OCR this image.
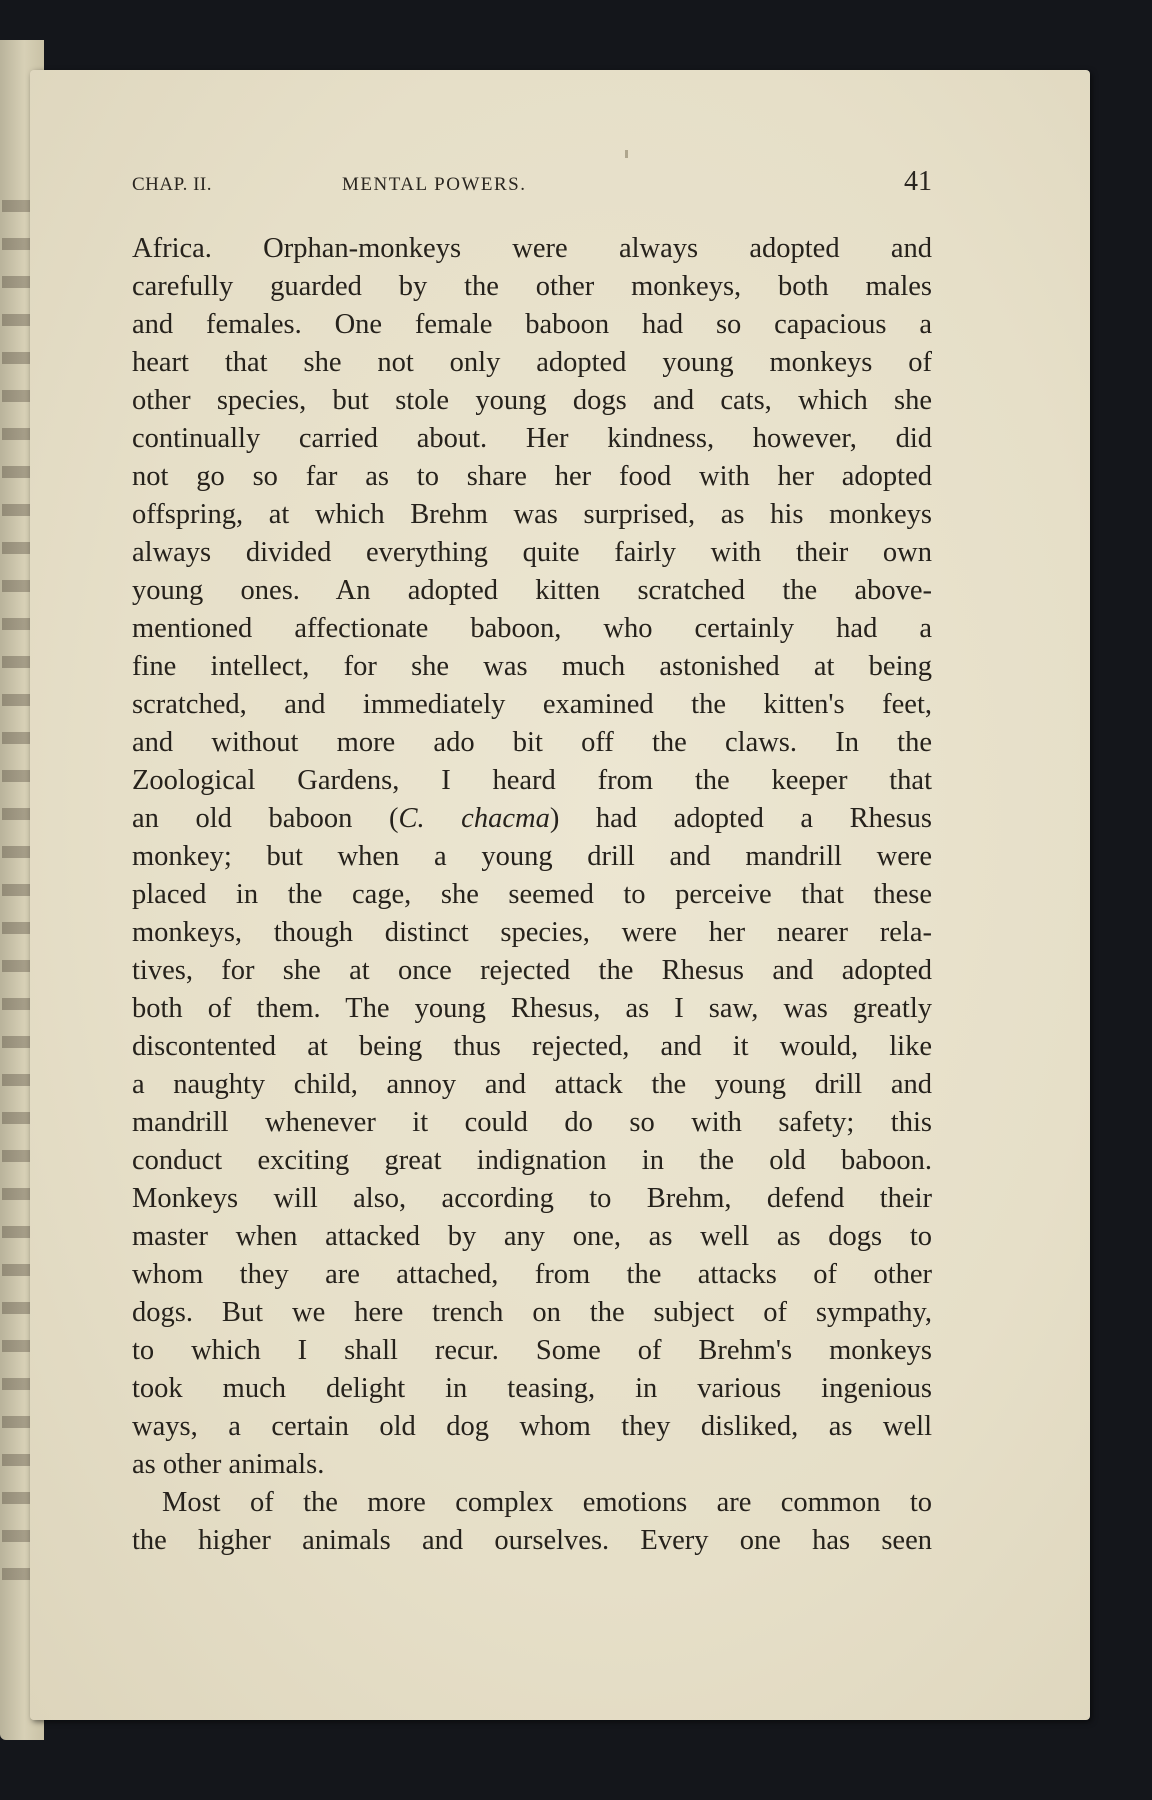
CHAP. II.	MENTAL POWERS.	41
Africa. Orphan-monkeys were always adopted and
carefully guarded by the other monkeys, both males
and females. One female baboon had so capacious a
heart that she not only adopted young monkeys of
other species, but stole young dogs and cats, which she
continually carried about. Her kindness, however, did
not go so far as to share her food with her adopted
offspring, at which Brehm was surprised, as his monkeys
always divided everything quite fairly with their own
young ones. An adopted kitten scratched the above-
mentioned affectionate baboon, who certainly had a
fine intellect, for she was much astonished at being
scratched, and immediately examined the kitten's feet,
and without more ado bit off the claws. In the
Zoological Gardens, I heard from the keeper that
an old baboon (C. chacma) had adopted a Rhesus
monkey; but when a young drill and mandrill were
placed in the cage, she seemed to perceive that these
monkeys, though distinct species, were her nearer rela-
tives, for she at once rejected the Rhesus and adopted
both of them. The young Rhesus, as I saw, was greatly
discontented at being thus rejected, and it would, like
a naughty child, annoy and attack the young drill and
mandrill whenever it could do so with safety; this
conduct exciting great indignation in the old baboon.
Monkeys will also, according to Brehm, defend their
master when attacked by any one, as well as dogs to
whom they are attached, from the attacks of other
dogs. But we here trench on the subject of sympathy,
to which I shall recur. Some of Brehm's monkeys
took much delight in teasing, in various ingenious
ways, a certain old dog whom they disliked, as well
as other animals.
Most of the more complex emotions are common to
the higher animals and ourselves. Every one has seen
